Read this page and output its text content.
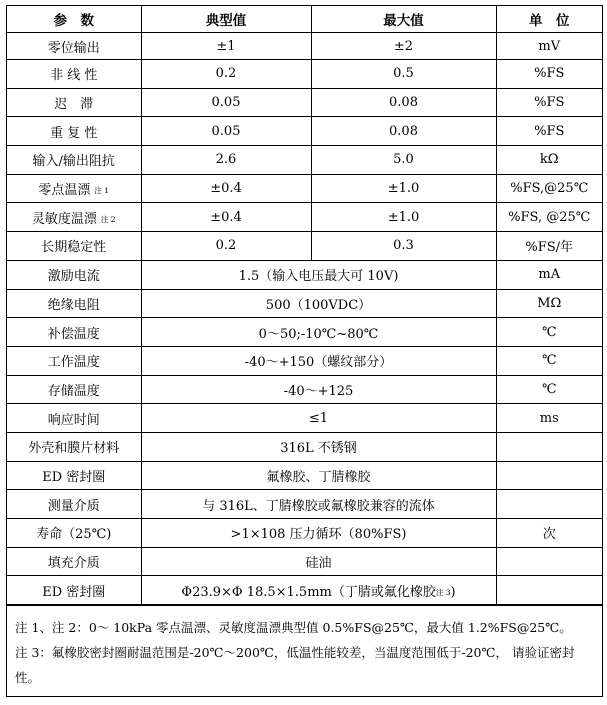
参　数	典型值	最大值	单　位
零位输出	±1	±2	mV
非 线 性	0.2	0.5	%FS
迟　滞	0.05	0.08	%FS
重 复 性	0.05	0.08	%FS
输入/输出阻抗	2.6	5.0	kΩ
零点温漂 注 1	±0.4	±1.0	%FS,@25℃
灵敏度温漂 注 2	±0.4	±1.0	%FS, @25℃
长期稳定性	0.2	0.3	%FS/年
激励电流	1.5（输入电压最大可 10V)		mA
绝缘电阻	500（100VDC）		MΩ
补偿温度	0～50;-10℃~80℃		℃
工作温度	-40～+150（螺纹部分）		℃
存储温度	-40～+125		℃
响应时间	≤1		ms
外壳和膜片材料	316L 不锈钢		
ED 密封圈	氟橡胶、丁腈橡胶		
测量介质	与 316L、丁腈橡胶或氟橡胶兼容的流体		
寿命（25℃)	>1×108 压力循环（80%FS)		次
填充介质	硅油		
ED 密封圈	Φ23.9×Φ 18.5×1.5mm（丁腈或氟化橡胶注 3)		

注 1、注 2：0～ 10kPa 零点温漂、灵敏度温漂典型值 0.5%FS@25℃，最大值 1.2%FS@25℃。

注 3：氟橡胶密封圈耐温范围是-20℃～200℃，低温性能较差，当温度范围低于-20℃， 请验证密封性。
